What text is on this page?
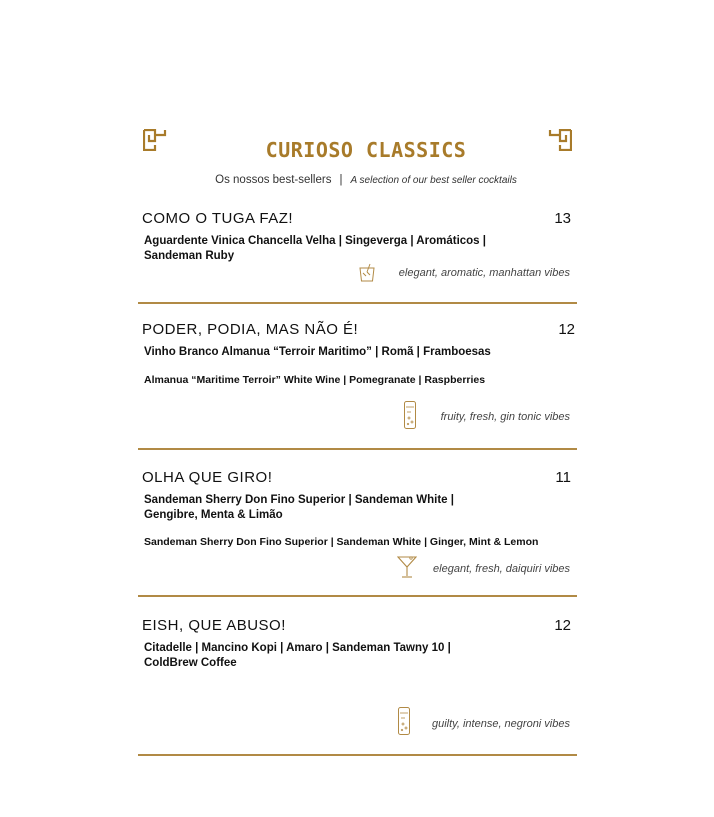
CURIOSO CLASSICS
Os nossos best-sellers | A selection of our best seller cocktails
COMO O TUGA FAZ!	13
Aguardente Vinica Chancella Velha | Singeverga | Aromáticos | Sandeman Ruby
elegant, aromatic, manhattan vibes
PODER, PODIA, MAS NÃO É!	12
Vinho Branco Almanua “Terroir Maritimo” | Romã | Framboesas
Almanua “Maritime Terroir” White Wine | Pomegranate | Raspberries
fruity, fresh, gin tonic vibes
OLHA QUE GIRO!	11
Sandeman Sherry Don Fino Superior | Sandeman White | Gengibre, Menta & Limão
Sandeman Sherry Don Fino Superior | Sandeman White | Ginger, Mint & Lemon
elegant, fresh, daiquiri vibes
EISH, QUE ABUSO!	12
Citadelle | Mancino Kopi | Amaro | Sandeman Tawny 10 | ColdBrew Coffee
guilty, intense, negroni vibes
